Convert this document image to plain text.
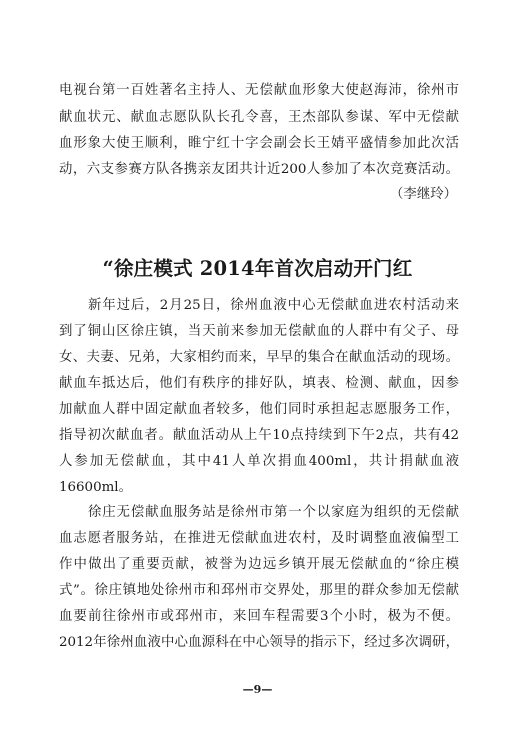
电视台第一百姓著名主持人、无偿献血形象大使赵海沛，徐州市
献血状元、献血志愿队队长孔令喜，王杰部队参谋、军中无偿献
血形象大使王顺利，睢宁红十字会副会长王婧平盛情参加此次活
动，六支参赛方队各携亲友团共计近200人参加了本次竞赛活动。
（李继玲）
“徐庄模式 2014年首次启动开门红
新年过后，2月25日，徐州血液中心无偿献血进农村活动来
到了铜山区徐庄镇，当天前来参加无偿献血的人群中有父子、母
女、夫妻、兄弟，大家相约而来，早早的集合在献血活动的现场。
献血车抵达后，他们有秩序的排好队，填表、检测、献血，因参
加献血人群中固定献血者较多，他们同时承担起志愿服务工作，
指导初次献血者。献血活动从上午10点持续到下午2点，共有42
人参加无偿献血，其中41人单次捐血400ml，共计捐献血液
16600ml。
徐庄无偿献血服务站是徐州市第一个以家庭为组织的无偿献
血志愿者服务站，在推进无偿献血进农村，及时调整血液偏型工
作中做出了重要贡献，被誉为边远乡镇开展无偿献血的“徐庄模
式”。徐庄镇地处徐州市和邳州市交界处，那里的群众参加无偿献
血要前往徐州市或邳州市，来回车程需要3个小时，极为不便。
2012年徐州血液中心血源科在中心领导的指示下，经过多次调研，
—9—
